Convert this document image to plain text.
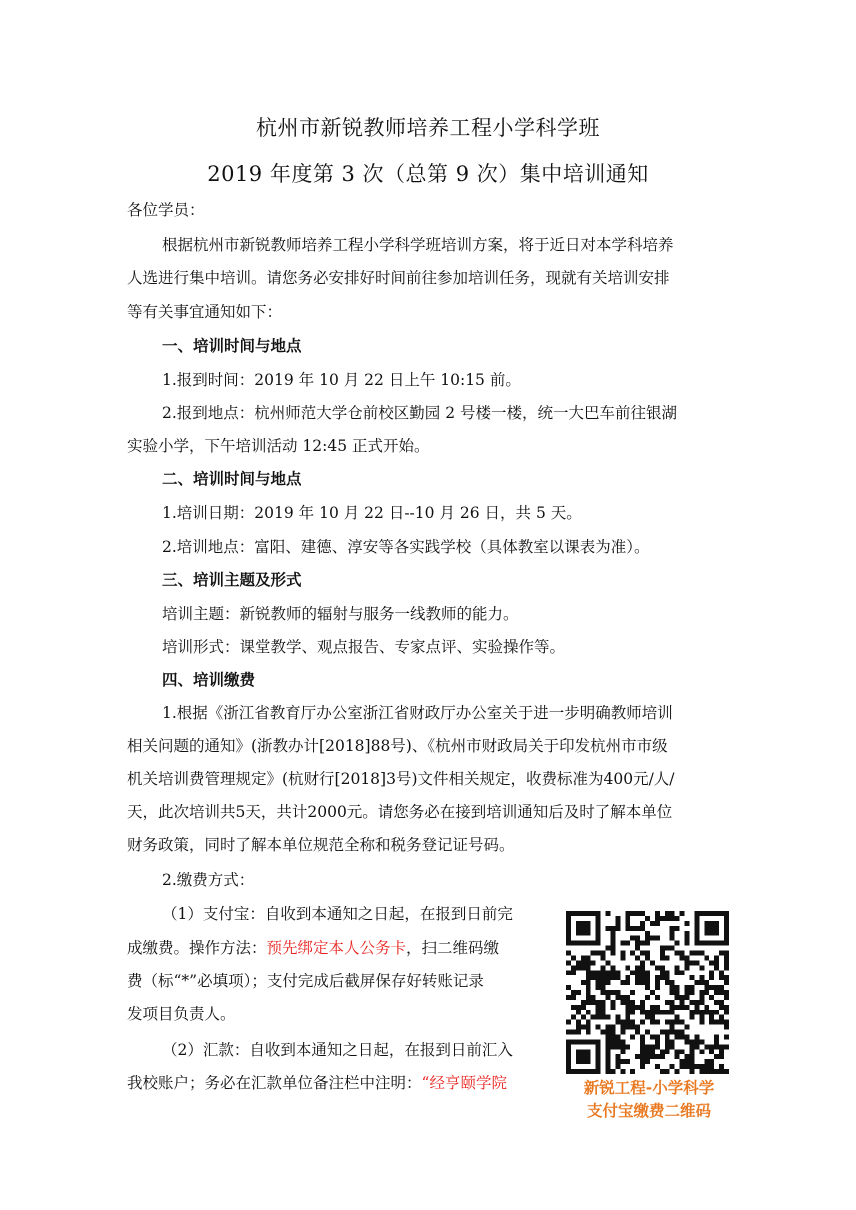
杭州市新锐教师培养工程小学科学班
2019 年度第 3 次（总第 9 次）集中培训通知
各位学员：
根据杭州市新锐教师培养工程小学科学班培训方案，将于近日对本学科培养
人选进行集中培训。请您务必安排好时间前往参加培训任务，现就有关培训安排
等有关事宜通知如下：
一、培训时间与地点
1.报到时间：2019 年 10 月 22 日上午 10:15 前。
2.报到地点：杭州师范大学仓前校区勤园 2 号楼一楼，统一大巴车前往银湖
实验小学，下午培训活动 12:45 正式开始。
二、培训时间与地点
1.培训日期：2019 年 10 月 22 日--10 月 26 日，共 5 天。
2.培训地点：富阳、建德、淳安等各实践学校（具体教室以课表为准）。
三、培训主题及形式
培训主题：新锐教师的辐射与服务一线教师的能力。
培训形式：课堂教学、观点报告、专家点评、实验操作等。
四、培训缴费
1.根据《浙江省教育厅办公室浙江省财政厅办公室关于进一步明确教师培训
相关问题的通知》(浙教办计[2018]88号)、《杭州市财政局关于印发杭州市市级
机关培训费管理规定》(杭财行[2018]3号)文件相关规定，收费标准为400元/人/
天，此次培训共5天，共计2000元。请您务必在接到培训通知后及时了解本单位
财务政策，同时了解本单位规范全称和税务登记证号码。
2.缴费方式：
（1）支付宝：自收到本通知之日起，在报到日前完
成缴费。操作方法：预先绑定本人公务卡，扫二维码缴
费（标“*”必填项）；支付完成后截屏保存好转账记录
发项目负责人。
（2）汇款：自收到本通知之日起，在报到日前汇入
我校账户；务必在汇款单位备注栏中注明：“经亨颐学院	新锐工程-小学科学
支付宝缴费二维码
